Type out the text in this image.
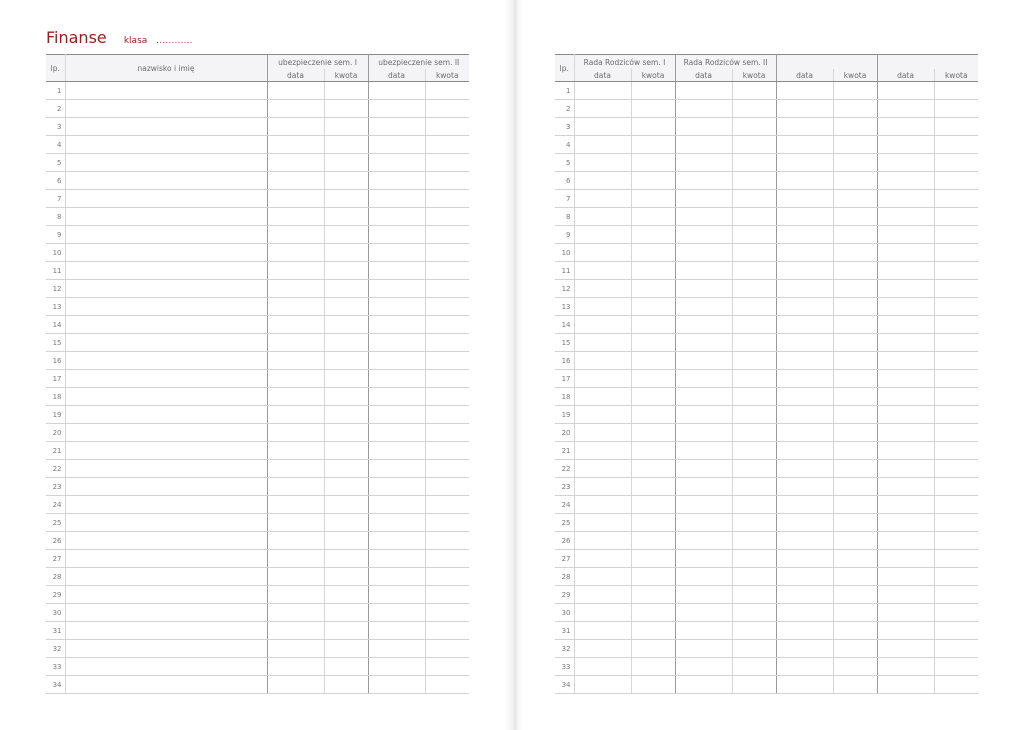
Finanse klasa ............
lp.	nazwisko i imię	ubezpieczenie sem. I		ubezpieczenie sem. II	
		data	kwota	data	kwota
1					
2					
3					
4					
5					
6					
7					
8					
9					
10					
11					
12					
13					
14					
15					
16					
17					
18					
19					
20					
21					
22					
23					
24					
25					
26					
27					
28					
29					
30					
31					
32					
33					
34					
lp.	Rada Rodziców sem. I		Rada Rodziców sem. II					
	data	kwota	data	kwota	data	kwota	data	kwota
1								
2								
3								
4								
5								
6								
7								
8								
9								
10								
11								
12								
13								
14								
15								
16								
17								
18								
19								
20								
21								
22								
23								
24								
25								
26								
27								
28								
29								
30								
31								
32								
33								
34								
